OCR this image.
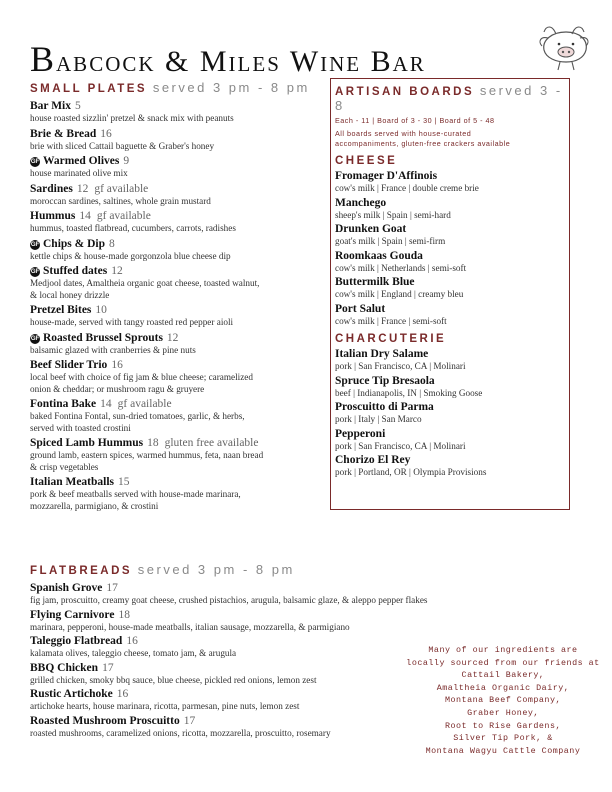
Babcock & Miles Wine Bar
SMALL PLATES served 3 pm - 8 pm
Bar Mix 5
house roasted sizzlin' pretzel & snack mix with peanuts
Brie & Bread 16
brie with sliced Cattail baguette & Graber's honey
GF Warmed Olives 9
house marinated olive mix
Sardines 12 gf available
moroccan sardines, saltines, whole grain mustard
Hummus 14 gf available
hummus, toasted flatbread, cucumbers, carrots, radishes
GF Chips & Dip 8
kettle chips & house-made gorgonzola blue cheese dip
GF Stuffed dates 12
Medjool dates, Amaltheia organic goat cheese, toasted walnut,
& local honey drizzle
Pretzel Bites 10
house-made, served with tangy roasted red pepper aioli
GF Roasted Brussel Sprouts 12
balsamic glazed with cranberries & pine nuts
Beef Slider Trio 16
local beef with choice of fig jam & blue cheese; caramelized
onion & cheddar; or mushroom ragu & gruyere
Fontina Bake 14 gf available
baked Fontina Fontal, sun-dried tomatoes, garlic, & herbs,
served with toasted crostini
Spiced Lamb Hummus 18 gluten free available
ground lamb, eastern spices, warmed hummus, feta, naan bread
& crisp vegetables
Italian Meatballs 15
pork & beef meatballs served with house-made marinara,
mozzarella, parmigiano, & crostini
ARTISAN BOARDS served 3 - 8
Each - 11 | Board of 3 - 30 | Board of 5 - 48
All boards served with house-curated
accompaniments, gluten-free crackers available
CHEESE
Fromager D'Affinois
cow's milk | France | double creme brie
Manchego
sheep's milk | Spain | semi-hard
Drunken Goat
goat's milk | Spain | semi-firm
Roomkaas Gouda
cow's milk | Netherlands | semi-soft
Buttermilk Blue
cow's milk | England | creamy bleu
Port Salut
cow's milk | France | semi-soft
CHARCUTERIE
Italian Dry Salame
pork | San Francisco, CA | Molinari
Spruce Tip Bresaola
beef | Indianapolis, IN | Smoking Goose
Proscuitto di Parma
pork | Italy | San Marco
Pepperoni
pork | San Francisco, CA | Molinari
Chorizo El Rey
pork | Portland, OR | Olympia Provisions
FLATBREADS served 3 pm - 8 pm
Spanish Grove 17
fig jam, proscuitto, creamy goat cheese, crushed pistachios, arugula, balsamic glaze, & aleppo pepper flakes
Flying Carnivore 18
marinara, pepperoni, house-made meatballs, italian sausage, mozzarella, & parmigiano
Taleggio Flatbread 16
kalamata olives, taleggio cheese, tomato jam, & arugula
BBQ Chicken 17
grilled chicken, smoky bbq sauce, blue cheese, pickled red onions, lemon zest
Rustic Artichoke 16
artichoke hearts, house marinara, ricotta, parmesan, pine nuts, lemon zest
Roasted Mushroom Proscuitto 17
roasted mushrooms, caramelized onions, ricotta, mozzarella, proscuitto, rosemary
Many of our ingredients are
locally sourced from our friends at
Cattail Bakery,
Amaltheia Organic Dairy,
Montana Beef Company,
Graber Honey,
Root to Rise Gardens,
Silver Tip Pork, &
Montana Wagyu Cattle Company
